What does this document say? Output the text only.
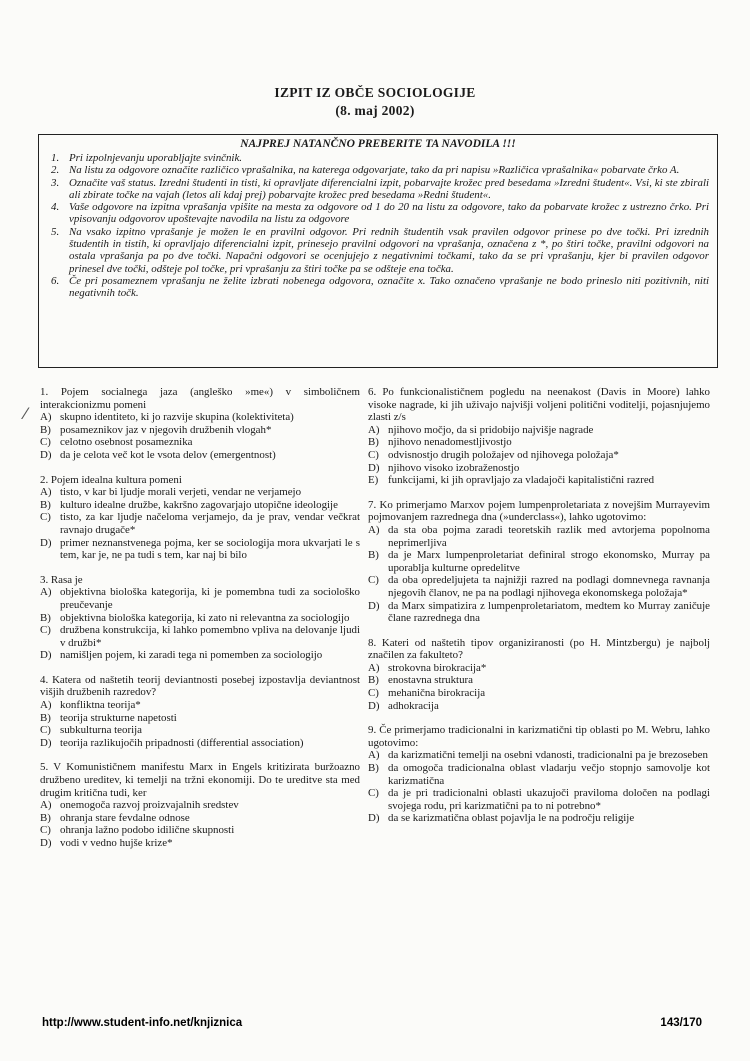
IZPIT IZ OBČE SOCIOLOGIJE
(8. maj 2002)
NAJPREJ NATANČNO PREBERITE TA NAVODILA !!!
1. Pri izpolnjevanju uporabljajte svinčnik.
2. Na listu za odgovore označite različico vprašalnika, na katerega odgovarjate, tako da pri napisu »Različica vprašalnika« pobarvate črko A.
3. Označite vaš status. Izredni študenti in tisti, ki opravljate diferencialni izpit, pobarvajte krožec pred besedama »Izredni študent«. Vsi, ki ste zbirali ali zbirate točke na vajah (letos ali kdaj prej) pobarvajte krožec pred besedama »Redni študent«.
4. Vaše odgovore na izpitna vprašanja vpišite na mesta za odgovore od 1 do 20 na listu za odgovore, tako da pobarvate krožec z ustrezno črko. Pri vpisovanju odgovorov upoštevajte navodila na listu za odgovore
5. Na vsako izpitno vprašanje je možen le en pravilni odgovor. Pri rednih študentih vsak pravilen odgovor prinese po dve točki. Pri izrednih študentih in tistih, ki opravljajo diferencialni izpit, prinesejo pravilni odgovori na vprašanja, označena z *, po štiri točke, pravilni odgovori na ostala vprašanja pa po dve točki. Napačni odgovori se ocenjujejo z negativnimi točkami, tako da se pri vprašanju, kjer bi pravilen odgovor prinesel dve točki, odšteje pol točke, pri vprašanju za štiri točke pa se odšteje ena točka.
6. Če pri posameznem vprašanju ne želite izbrati nobenega odgovora, označite x. Tako označeno vprašanje ne bodo prineslo niti pozitivnih, niti negativnih točk.
⁄

1. Pojem socialnega jaza (angleško »me«) v simboličnem interakcionizmu pomeni

A) skupno identiteto, ki jo razvije skupina (kolektiviteta)

B) posameznikov jaz v njegovih družbenih vlogah*

C) celotno osebnost posameznika

D) da je celota več kot le vsota delov (emergentnost)

2. Pojem idealna kultura pomeni

A) tisto, v kar bi ljudje morali verjeti, vendar ne verjamejo

B) kulturo idealne družbe, kakršno zagovarjajo utopične ideologije

C) tisto, za kar ljudje načeloma verjamejo, da je prav, vendar večkrat ravnajo drugače*

D) primer neznanstvenega pojma, ker se sociologija mora ukvarjati le s tem, kar je, ne pa tudi s tem, kar naj bi bilo

3. Rasa je

A) objektivna biološka kategorija, ki je pomembna tudi za sociološko preučevanje

B) objektivna biološka kategorija, ki zato ni relevantna za sociologijo

C) družbena konstrukcija, ki lahko pomembno vpliva na delovanje ljudi v družbi*

D) namišljen pojem, ki zaradi tega ni pomemben za sociologijo

4. Katera od naštetih teorij deviantnosti posebej izpostavlja deviantnost višjih družbenih razredov?

A) konfliktna teorija*

B) teorija strukturne napetosti

C) subkulturna teorija

D) teorija razlikujočih pripadnosti (differential association)

5. V Komunističnem manifestu Marx in Engels kritizirata buržoazno družbeno ureditev, ki temelji na tržni ekonomiji. Do te ureditve sta med drugim kritična tudi, ker

A) onemogoča razvoj proizvajalnih sredstev

B) ohranja stare fevdalne odnose

C) ohranja lažno podobo idilične skupnosti

D) vodi v vedno hujše krize*

6. Po funkcionalističnem pogledu na neenakost (Davis in Moore) lahko visoke nagrade, ki jih uživajo najvišji voljeni politični voditelji, pojasnjujemo zlasti z/s

A) njihovo močjo, da si pridobijo najvišje nagrade

B) njihovo nenadomestljivostjo

C) odvisnostjo drugih položajev od njihovega položaja*

D) njihovo visoko izobraženostjo

E) funkcijami, ki jih opravljajo za vladajoči kapitalistični razred

7. Ko primerjamo Marxov pojem lumpenproletariata z novejšim Murrayevim pojmovanjem razrednega dna (»underclass«), lahko ugotovimo:

A) da sta oba pojma zaradi teoretskih razlik med avtorjema popolnoma neprimerljiva

B) da je Marx lumpenproletariat definiral strogo ekonomsko, Murray pa uporablja kulturne opredelitve

C) da oba opredeljujeta ta najnižji razred na podlagi domnevnega ravnanja njegovih članov, ne pa na podlagi njihovega ekonomskega položaja*

D) da Marx simpatizira z lumpenproletariatom, medtem ko Murray zaničuje člane razrednega dna

8. Kateri od naštetih tipov organiziranosti (po H. Mintzbergu) je najbolj značilen za fakulteto?

A) strokovna birokracija*

B) enostavna struktura

C) mehanična birokracija

D) adhokracija

9. Če primerjamo tradicionalni in karizmatični tip oblasti po M. Webru, lahko ugotovimo:

A) da karizmatični temelji na osebni vdanosti, tradicionalni pa je brezoseben

B) da omogoča tradicionalna oblast vladarju večjo stopnjo samovolje kot karizmatična

C) da je pri tradicionalni oblasti ukazujoči praviloma določen na podlagi svojega rodu, pri karizmatični pa to ni potrebno*

D) da se karizmatična oblast pojavlja le na področju religije

http://www.student-info.net/knjiznica	143/170
